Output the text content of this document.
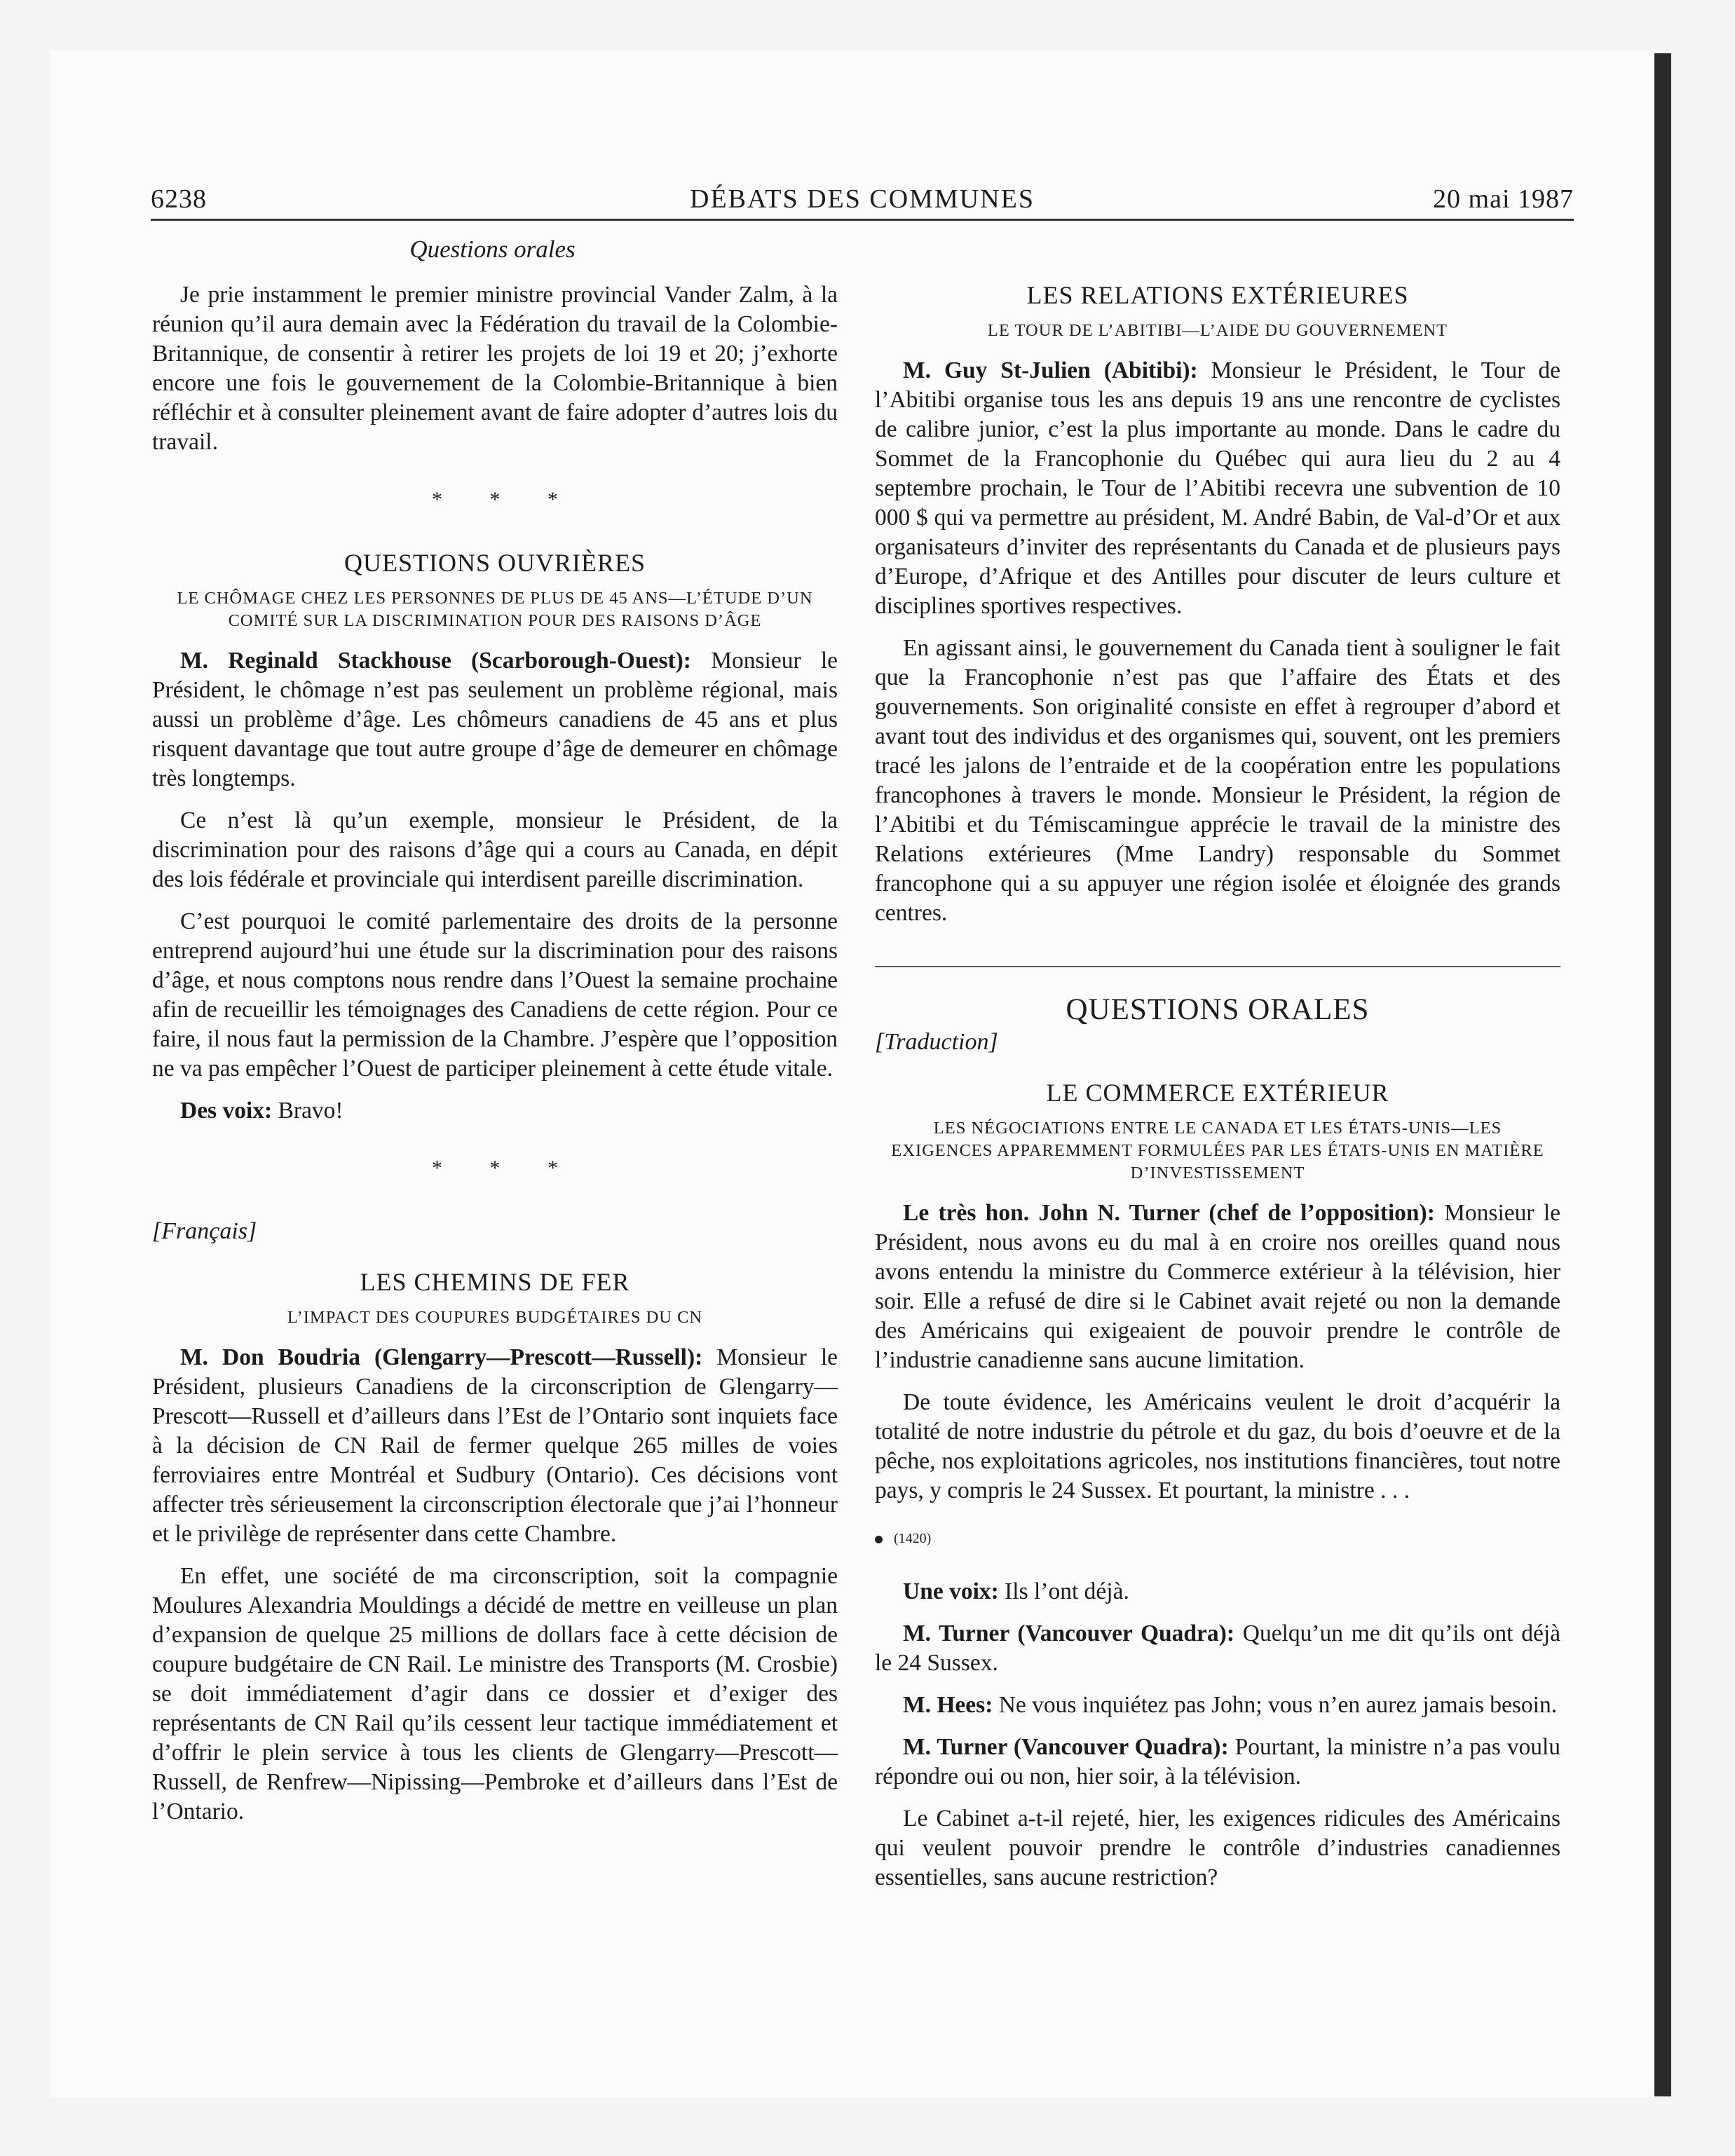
6238	DÉBATS DES COMMUNES	20 mai 1987
Questions orales

Je prie instamment le premier ministre provincial Vander Zalm, à la réunion qu’il aura demain avec la Fédération du travail de la Colombie-Britannique, de consentir à retirer les projets de loi 19 et 20; j’exhorte encore une fois le gouvernement de la Colombie-Britannique à bien réfléchir et à consulter pleinement avant de faire adopter d’autres lois du travail.

* * *
QUESTIONS OUVRIÈRES
LE CHÔMAGE CHEZ LES PERSONNES DE PLUS DE 45 ANS—L’ÉTUDE D’UN COMITÉ SUR LA DISCRIMINATION POUR DES RAISONS D’ÂGE

M. Reginald Stackhouse (Scarborough-Ouest): Monsieur le Président, le chômage n’est pas seulement un problème régional, mais aussi un problème d’âge. Les chômeurs canadiens de 45 ans et plus risquent davantage que tout autre groupe d’âge de demeurer en chômage très longtemps.

Ce n’est là qu’un exemple, monsieur le Président, de la discrimination pour des raisons d’âge qui a cours au Canada, en dépit des lois fédérale et provinciale qui interdisent pareille discrimination.

C’est pourquoi le comité parlementaire des droits de la personne entreprend aujourd’hui une étude sur la discrimination pour des raisons d’âge, et nous comptons nous rendre dans l’Ouest la semaine prochaine afin de recueillir les témoignages des Canadiens de cette région. Pour ce faire, il nous faut la permission de la Chambre. J’espère que l’opposition ne va pas empêcher l’Ouest de participer pleinement à cette étude vitale.

Des voix: Bravo!

* * *
[Français]
LES CHEMINS DE FER
L’IMPACT DES COUPURES BUDGÉTAIRES DU CN

M. Don Boudria (Glengarry—Prescott—Russell): Monsieur le Président, plusieurs Canadiens de la circonscription de Glengarry—Prescott—Russell et d’ailleurs dans l’Est de l’Ontario sont inquiets face à la décision de CN Rail de fermer quelque 265 milles de voies ferroviaires entre Montréal et Sudbury (Ontario). Ces décisions vont affecter très sérieusement la circonscription électorale que j’ai l’honneur et le privilège de représenter dans cette Chambre.

En effet, une société de ma circonscription, soit la compagnie Moulures Alexandria Mouldings a décidé de mettre en veilleuse un plan d’expansion de quelque 25 millions de dollars face à cette décision de coupure budgétaire de CN Rail. Le ministre des Transports (M. Crosbie) se doit immédiatement d’agir dans ce dossier et d’exiger des représentants de CN Rail qu’ils cessent leur tactique immédiatement et d’offrir le plein service à tous les clients de Glengarry—Prescott—Russell, de Renfrew—Nipissing—Pembroke et d’ailleurs dans l’Est de l’Ontario.

LES RELATIONS EXTÉRIEURES
LE TOUR DE L’ABITIBI—L’AIDE DU GOUVERNEMENT

M. Guy St-Julien (Abitibi): Monsieur le Président, le Tour de l’Abitibi organise tous les ans depuis 19 ans une rencontre de cyclistes de calibre junior, c’est la plus importante au monde. Dans le cadre du Sommet de la Francophonie du Québec qui aura lieu du 2 au 4 septembre prochain, le Tour de l’Abitibi recevra une subvention de 10 000 $ qui va permettre au président, M. André Babin, de Val-d’Or et aux organisateurs d’inviter des représentants du Canada et de plusieurs pays d’Europe, d’Afrique et des Antilles pour discuter de leurs culture et disciplines sportives respectives.

En agissant ainsi, le gouvernement du Canada tient à souligner le fait que la Francophonie n’est pas que l’affaire des États et des gouvernements. Son originalité consiste en effet à regrouper d’abord et avant tout des individus et des organismes qui, souvent, ont les premiers tracé les jalons de l’entraide et de la coopération entre les populations francophones à travers le monde. Monsieur le Président, la région de l’Abitibi et du Témiscamingue apprécie le travail de la ministre des Relations extérieures (Mme Landry) responsable du Sommet francophone qui a su appuyer une région isolée et éloignée des grands centres.

QUESTIONS ORALES
[Traduction]
LE COMMERCE EXTÉRIEUR
LES NÉGOCIATIONS ENTRE LE CANADA ET LES ÉTATS-UNIS—LES EXIGENCES APPAREMMENT FORMULÉES PAR LES ÉTATS-UNIS EN MATIÈRE D’INVESTISSEMENT

Le très hon. John N. Turner (chef de l’opposition): Monsieur le Président, nous avons eu du mal à en croire nos oreilles quand nous avons entendu la ministre du Commerce extérieur à la télévision, hier soir. Elle a refusé de dire si le Cabinet avait rejeté ou non la demande des Américains qui exigeaient de pouvoir prendre le contrôle de l’industrie canadienne sans aucune limitation.

De toute évidence, les Américains veulent le droit d’acquérir la totalité de notre industrie du pétrole et du gaz, du bois d’oeuvre et de la pêche, nos exploitations agricoles, nos institutions financières, tout notre pays, y compris le 24 Sussex. Et pourtant, la ministre . . .

(1420)

Une voix: Ils l’ont déjà.

M. Turner (Vancouver Quadra): Quelqu’un me dit qu’ils ont déjà le 24 Sussex.

M. Hees: Ne vous inquiétez pas John; vous n’en aurez jamais besoin.

M. Turner (Vancouver Quadra): Pourtant, la ministre n’a pas voulu répondre oui ou non, hier soir, à la télévision.

Le Cabinet a-t-il rejeté, hier, les exigences ridicules des Américains qui veulent pouvoir prendre le contrôle d’industries canadiennes essentielles, sans aucune restriction?
